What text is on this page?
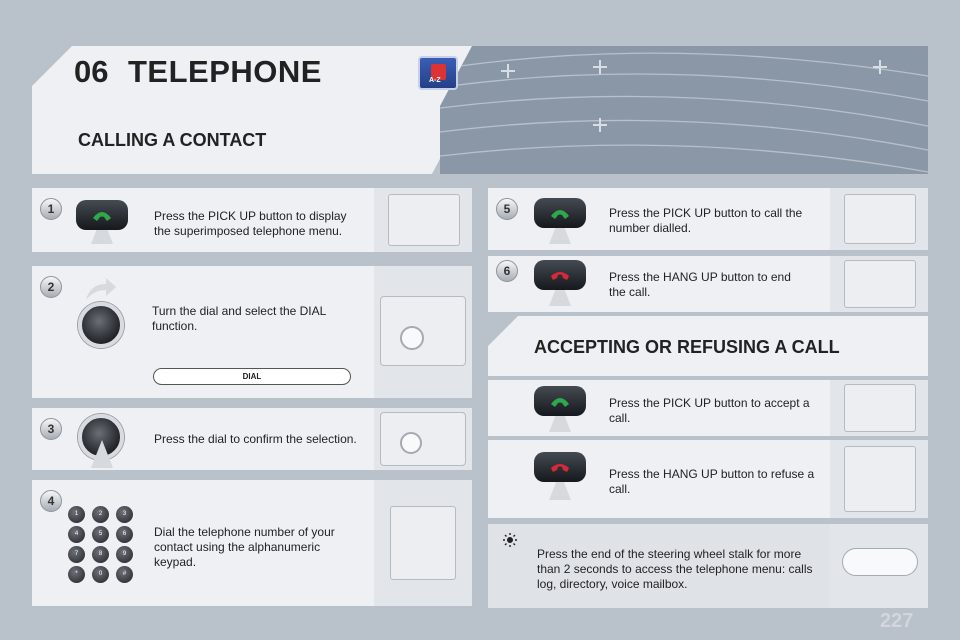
06 TELEPHONE	A-Z
CALLING A CONTACT
1	Press the PICK UP button to display the superimposed telephone menu.
2
Turn the dial and select the DIAL function.
DIAL
3
Press the dial to confirm the selection.
4
1	2	3
4	5	6
7	8	9
*	0	#
Dial the telephone number of your contact using the alphanumeric keypad.
5	Press the PICK UP button to call the number dialled.
6	Press the HANG UP button to end the call.
ACCEPTING OR REFUSING A CALL
Press the PICK UP button to accept a call.
Press the HANG UP button to refuse a call.
Press the end of the steering wheel stalk for more than 2 seconds to access the telephone menu: calls log, directory, voice mailbox.
227
